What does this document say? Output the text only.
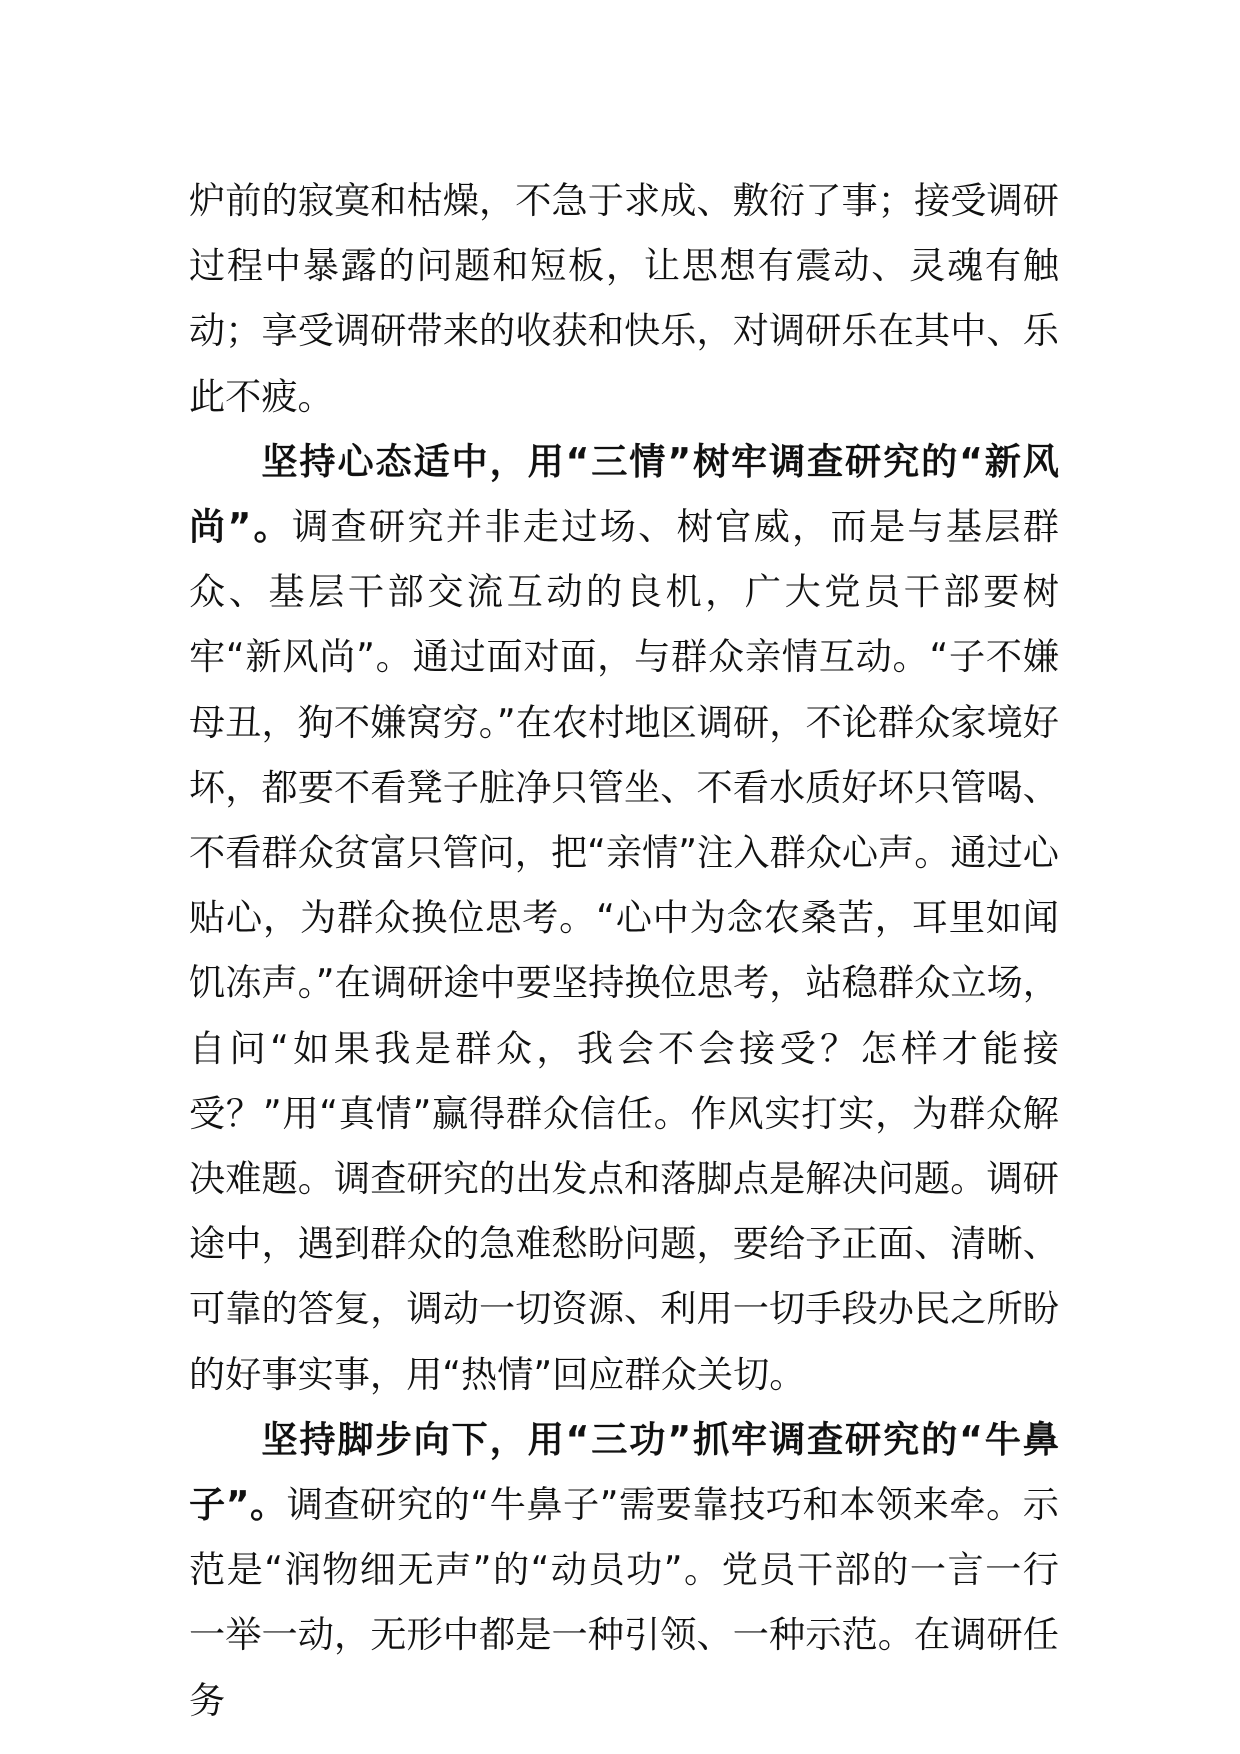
炉前的寂寞和枯燥，不急于求成、敷衍了事；接受调研过程中暴露的问题和短板，让思想有震动、灵魂有触动；享受调研带来的收获和快乐，对调研乐在其中、乐此不疲。

坚持心态适中，用“三情”树牢调查研究的“新风尚”。调查研究并非走过场、树官威，而是与基层群众、基层干部交流互动的良机，广大党员干部要树牢“新风尚”。通过面对面，与群众亲情互动。“子不嫌母丑，狗不嫌窝穷。”在农村地区调研，不论群众家境好坏，都要不看凳子脏净只管坐、不看水质好坏只管喝、不看群众贫富只管问，把“亲情”注入群众心声。通过心贴心，为群众换位思考。“心中为念农桑苦，耳里如闻饥冻声。”在调研途中要坚持换位思考，站稳群众立场，自问“如果我是群众，我会不会接受？怎样才能接受？”用“真情”赢得群众信任。作风实打实，为群众解决难题。调查研究的出发点和落脚点是解决问题。调研途中，遇到群众的急难愁盼问题，要给予正面、清晰、可靠的答复，调动一切资源、利用一切手段办民之所盼的好事实事，用“热情”回应群众关切。

坚持脚步向下，用“三功”抓牢调查研究的“牛鼻子”。调查研究的“牛鼻子”需要靠技巧和本领来牵。示范是“润物细无声”的“动员功”。党员干部的一言一行一举一动，无形中都是一种引领、一种示范。在调研任务
